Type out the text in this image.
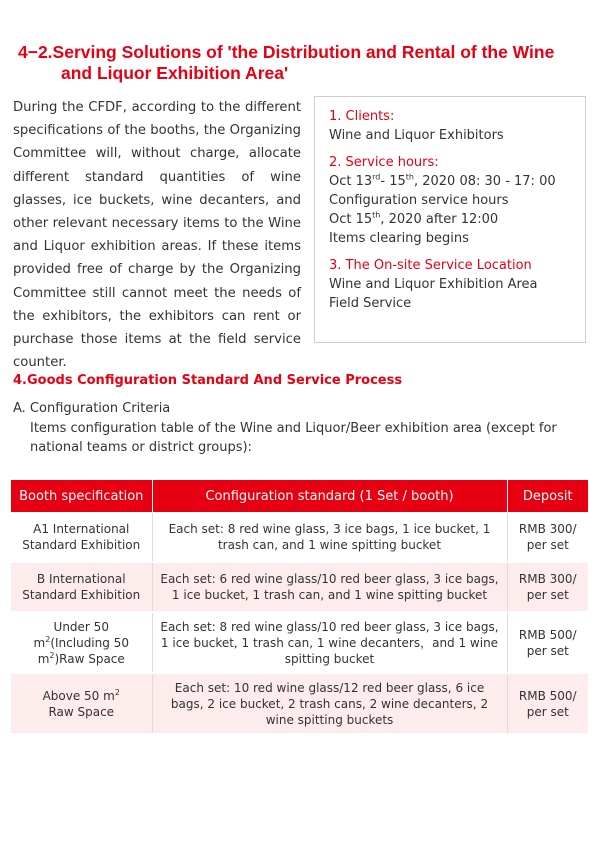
4−2.Serving Solutions of 'the Distribution and Rental of the Wine
and Liquor Exhibition Area'
During the CFDF, according to the different specifications of the booths, the Organizing Committee will, without charge, allocate different standard quantities of wine glasses, ice buckets, wine decanters, and other relevant necessary items to the Wine and Liquor exhibition areas. If these items provided free of charge by the Organizing Committee still cannot meet the needs of the exhibitors, the exhibitors can rent or purchase those items at the field service counter.
1. Clients:
Wine and Liquor Exhibitors
2. Service hours:
Oct 13rd- 15th, 2020 08: 30 - 17: 00
Configuration service hours
Oct 15th, 2020 after 12:00
Items clearing begins
3. The On-site Service Location
Wine and Liquor Exhibition Area Field Service
4.Goods Configuration Standard And Service Process
A. Configuration Criteria
Items configuration table of the Wine and Liquor/Beer exhibition area (except for national teams or district groups):
Booth specification	Configuration standard (1 Set / booth)	Deposit
A1 International Standard Exhibition	Each set: 8 red wine glass, 3 ice bags, 1 ice bucket, 1 trash can, and 1 wine spitting bucket	RMB 300/ per set
B International Standard Exhibition	Each set: 6 red wine glass/10 red beer glass, 3 ice bags, 1 ice bucket, 1 trash can, and 1 wine spitting bucket	RMB 300/ per set
Under 50 $m^2(Including$ 50 $m^2)Raw$ Space	Each set: 8 red wine glass/10 red beer glass, 3 ice bags, 1 ice bucket, 1 trash can, 1 wine decanters，and 1 wine spitting bucket	RMB 500/ per set
Above 50 $m^2$
Raw Space	Each set: 10 red wine glass/12 red beer glass, 6 ice bags, 2 ice bucket, 2 trash cans, 2 wine decanters, 2 wine spitting buckets	RMB 500/ per set
